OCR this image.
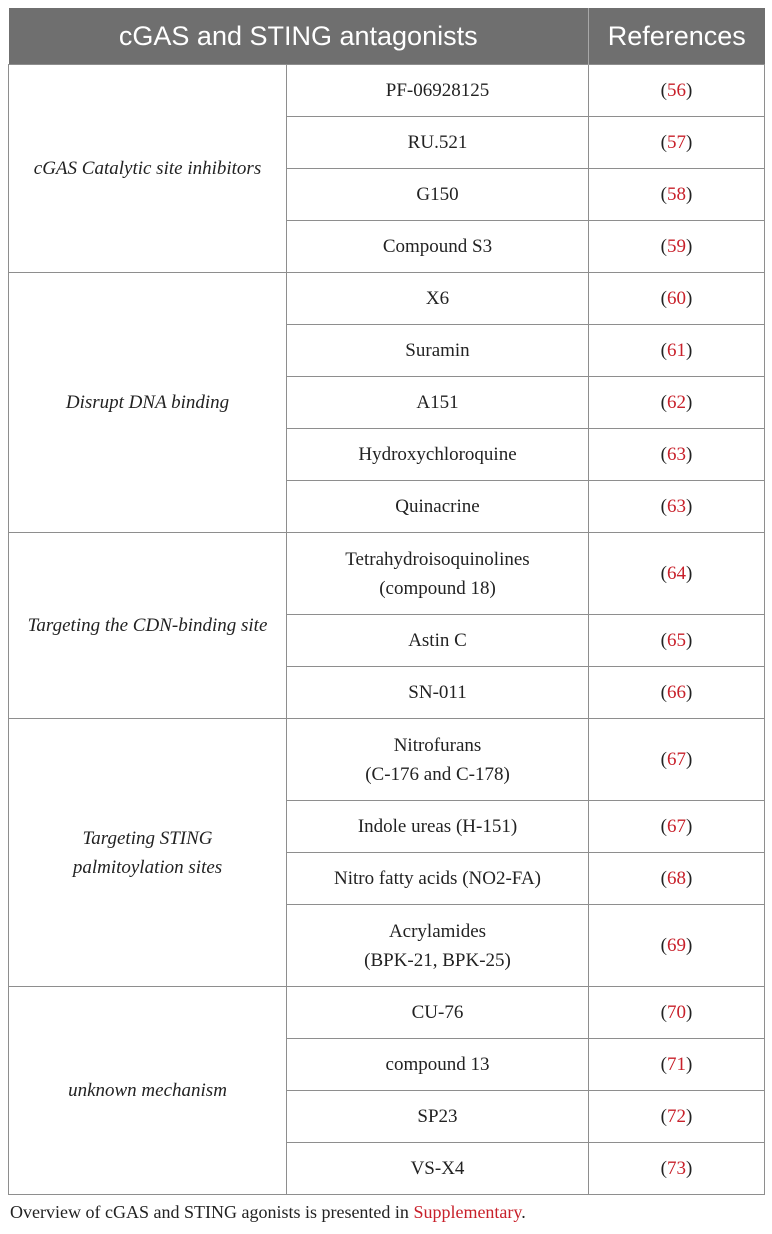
cGAS and STING antagonists		References
cGAS Catalytic site inhibitors	PF-06928125	(56)

	RU.521	(57)

	G150	(58)

	Compound S3	(59)
Disrupt DNA binding	X6	(60)

	Suramin	(61)

	A151	(62)

	Hydroxychloroquine	(63)

	Quinacrine	(63)
Targeting the CDN-binding site	Tetrahydroisoquinolines
(compound 18)	(64)

	Astin C	(65)

	SN-011	(66)
Targeting STING palmitoylation sites	Nitrofurans
(C-176 and C-178)	(67)

	Indole ureas (H-151)	(67)

	Nitro fatty acids (NO2-FA)	(68)

	Acrylamides
(BPK-21, BPK-25)	(69)
unknown mechanism	CU-76	(70)

	compound 13	(71)

	SP23	(72)

	VS-X4	(73)
Overview of cGAS and STING agonists is presented in Supplementary.
